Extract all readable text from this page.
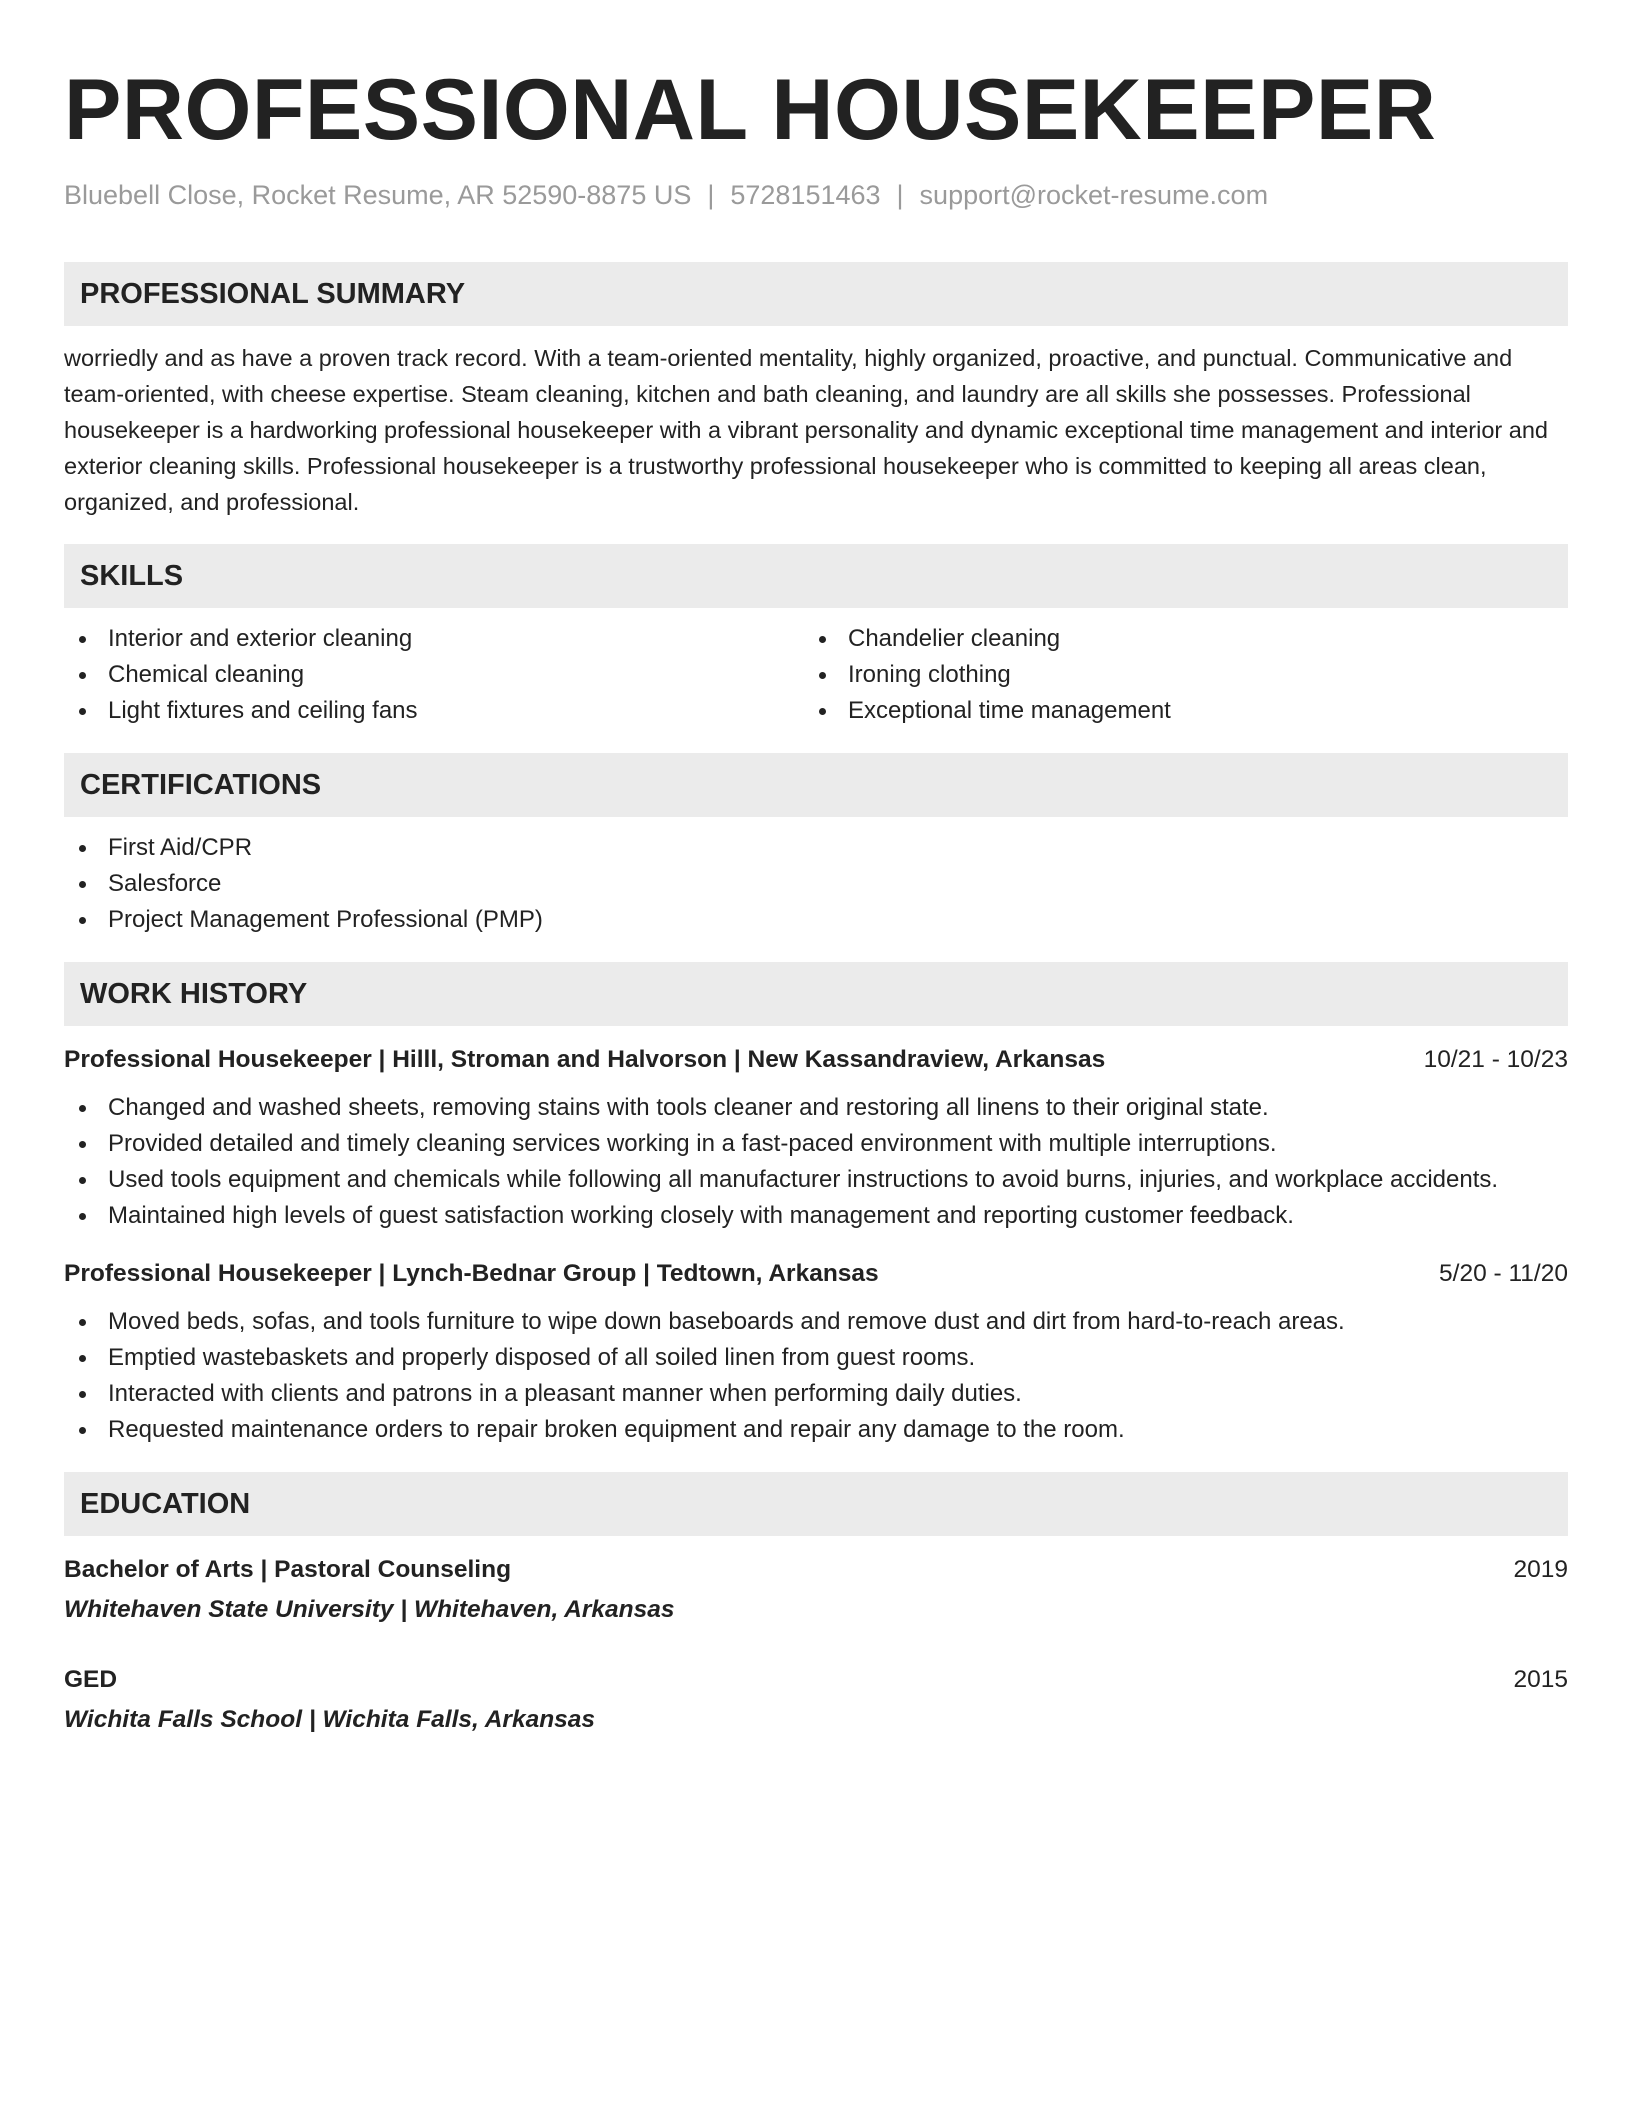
PROFESSIONAL HOUSEKEEPER
Bluebell Close, Rocket Resume, AR 52590-8875 US | 5728151463 | support@rocket-resume.com
PROFESSIONAL SUMMARY

worriedly and as have a proven track record. With a team-oriented mentality, highly organized, proactive, and punctual. Communicative and team-oriented, with cheese expertise. Steam cleaning, kitchen and bath cleaning, and laundry are all skills she possesses. Professional housekeeper is a hardworking professional housekeeper with a vibrant personality and dynamic exceptional time management and interior and exterior cleaning skills. Professional housekeeper is a trustworthy professional housekeeper who is committed to keeping all areas clean, organized, and professional.

SKILLS
Interior and exterior cleaning
Chemical cleaning
Light fixtures and ceiling fans
Chandelier cleaning
Ironing clothing
Exceptional time management
CERTIFICATIONS
First Aid/CPR
Salesforce
Project Management Professional (PMP)
WORK HISTORY
Professional Housekeeper | Hilll, Stroman and Halvorson | New Kassandraview, Arkansas	10/21 - 10/23
Changed and washed sheets, removing stains with tools cleaner and restoring all linens to their original state.
Provided detailed and timely cleaning services working in a fast-paced environment with multiple interruptions.
Used tools equipment and chemicals while following all manufacturer instructions to avoid burns, injuries, and workplace accidents.
Maintained high levels of guest satisfaction working closely with management and reporting customer feedback.
Professional Housekeeper | Lynch-Bednar Group | Tedtown, Arkansas	5/20 - 11/20
Moved beds, sofas, and tools furniture to wipe down baseboards and remove dust and dirt from hard-to-reach areas.
Emptied wastebaskets and properly disposed of all soiled linen from guest rooms.
Interacted with clients and patrons in a pleasant manner when performing daily duties.
Requested maintenance orders to repair broken equipment and repair any damage to the room.
EDUCATION
Bachelor of Arts | Pastoral Counseling	2019
Whitehaven State University | Whitehaven, Arkansas
GED	2015
Wichita Falls School | Wichita Falls, Arkansas
